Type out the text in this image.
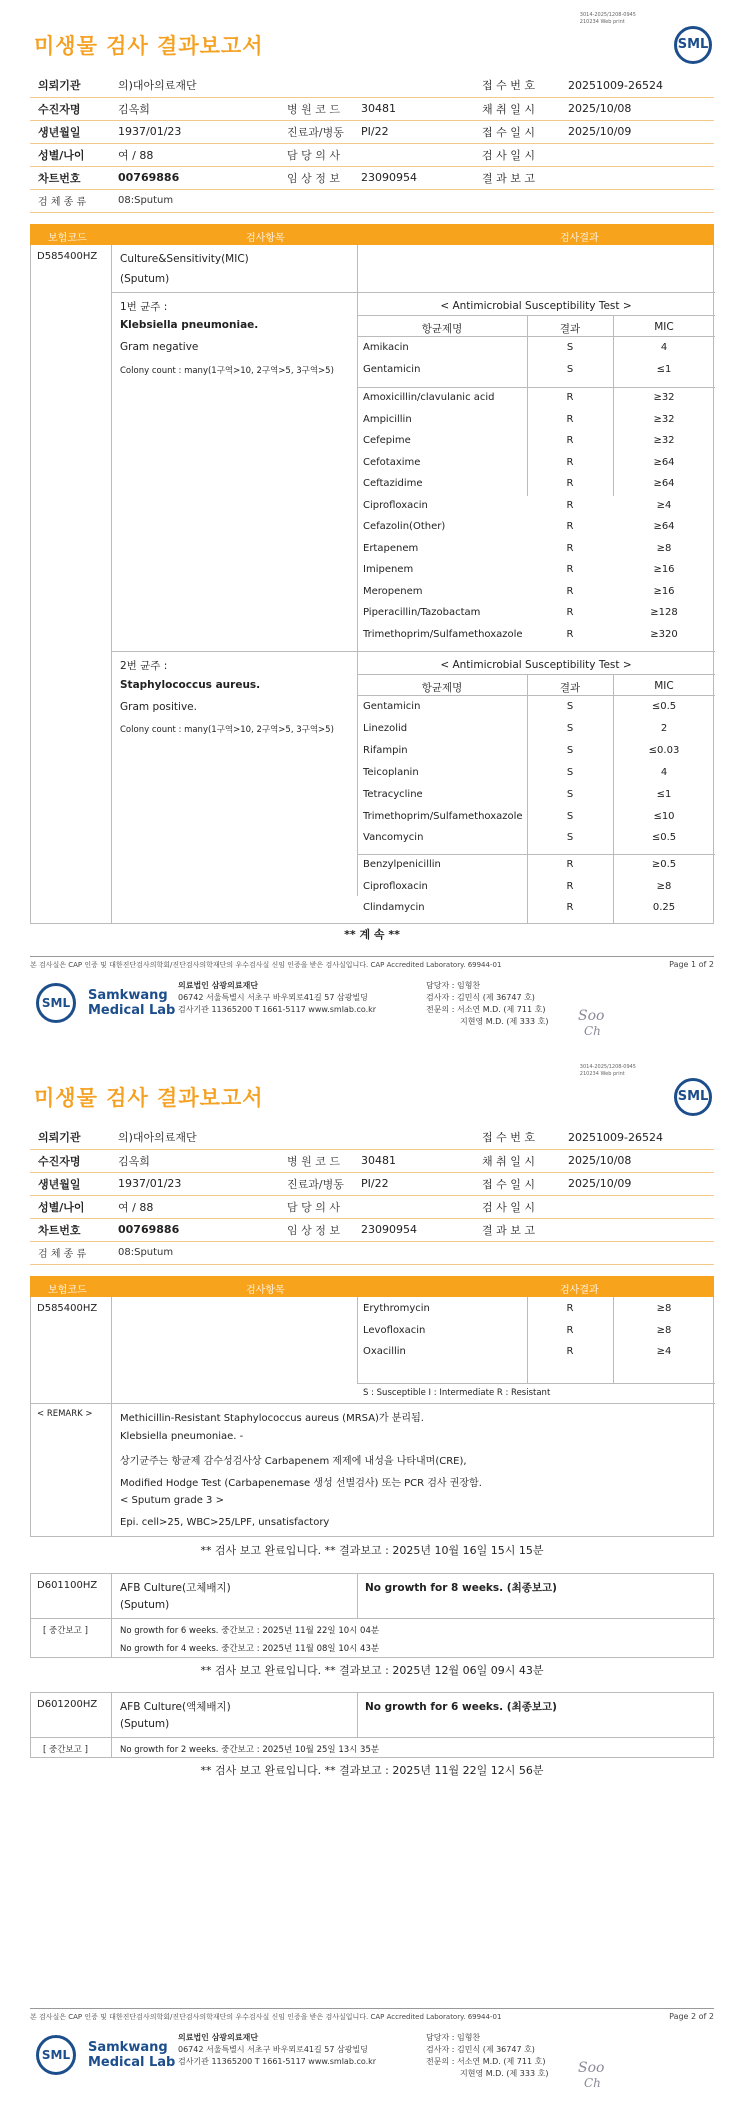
3014-2025/1208-0945
210234 Web print
미생물 검사 결과보고서	SML
의뢰기관	의)대아의료재단			접 수 번 호	20251009-26524
수진자명	김옥희	병 원 코 드	30481	채 취 일 시	2025/10/08
생년월일	1937/01/23	진료과/병동	PI/22	접 수 일 시	2025/10/09
성별/나이	여 / 88	담 당 의 사		검 사 일 시	
차트번호	00769886	임 상 정 보	23090954	결 과 보 고	
검 체 종 류	08:Sputum				
보험코드	검사항목	검사결과
D585400HZ Culture&Sensitivity(MIC)
(Sputum)
1번 균주 :
Klebsiella pneumoniae.
Gram negative
Colony count : many(1구역>10, 2구역>5, 3구역>5)
< Antimicrobial Susceptibility Test >
항균제명	결과	MIC
Amikacin	S	4
Gentamicin	S	≤1
Amoxicillin/clavulanic acid	R	≥32
Ampicillin	R	≥32
Cefepime	R	≥32
Cefotaxime	R	≥64
Ceftazidime	R	≥64
Ciprofloxacin	R	≥4
Cefazolin(Other)	R	≥64
Ertapenem	R	≥8
Imipenem	R	≥16
Meropenem	R	≥16
Piperacillin/Tazobactam	R	≥128
Trimethoprim/Sulfamethoxazole	R	≥320
2번 균주 :
Staphylococcus aureus.
Gram positive.
Colony count : many(1구역>10, 2구역>5, 3구역>5)
< Antimicrobial Susceptibility Test >
항균제명	결과	MIC
Gentamicin	S	≤0.5
Linezolid	S	2
Rifampin	S	≤0.03
Teicoplanin	S	4
Tetracycline	S	≤1
Trimethoprim/Sulfamethoxazole	S	≤10
Vancomycin	S	≤0.5
Benzylpenicillin	R	≥0.5
Ciprofloxacin	R	≥8
Clindamycin	R	0.25
** 계 속 **
본 검사실은 CAP 인증 및 대한진단검사의학회/진단검사의학재단의 우수검사실 신임 인증을 받은 검사실입니다. CAP Accredited Laboratory. 69944-01	Page 1 of 2
SML	Samkwang
Medical Lab
의료법인 삼광의료재단
06742 서울특별시 서초구 바우뫼로41길 57 삼광빌딩
검사기관 11365200 T 1661-5117 www.smlab.co.kr
담당자 : 임형찬
검사자 : 김민식 (제 36747 호)
전문의 : 서소연 M.D. (제 711 호)
지현영 M.D. (제 333 호) Soo
Ch
3014-2025/1208-0945
210234 Web print
미생물 검사 결과보고서	SML
의뢰기관	의)대아의료재단			접 수 번 호	20251009-26524
수진자명	김옥희	병 원 코 드	30481	채 취 일 시	2025/10/08
생년월일	1937/01/23	진료과/병동	PI/22	접 수 일 시	2025/10/09
성별/나이	여 / 88	담 당 의 사		검 사 일 시	
차트번호	00769886	임 상 정 보	23090954	결 과 보 고	
검 체 종 류	08:Sputum				
보험코드	검사항목	검사결과
D585400HZ	Erythromycin	R	≥8
Levofloxacin	R	≥8
Oxacillin	R	≥4
S : Susceptible I : Intermediate R : Resistant
< REMARK >	Methicillin-Resistant Staphylococcus aureus (MRSA)가 분리됨.
Klebsiella pneumoniae. -
상기균주는 항균제 감수성검사상 Carbapenem 제제에 내성을 나타내며(CRE),
Modified Hodge Test (Carbapenemase 생성 선별검사) 또는 PCR 검사 권장함.
< Sputum grade 3 >
Epi. cell>25, WBC>25/LPF, unsatisfactory
** 검사 보고 완료입니다. ** 결과보고 : 2025년 10월 16일 15시 15분
D601100HZ AFB Culture(고체배지)
(Sputum)
No growth for 8 weeks. (최종보고)
[ 중간보고 ]	No growth for 6 weeks. 중간보고 : 2025년 11월 22일 10시 04분
No growth for 4 weeks. 중간보고 : 2025년 11월 08일 10시 43분
** 검사 보고 완료입니다. ** 결과보고 : 2025년 12월 06일 09시 43분
D601200HZ AFB Culture(액체배지)
(Sputum)
No growth for 6 weeks. (최종보고)
[ 중간보고 ]	No growth for 2 weeks. 중간보고 : 2025년 10월 25일 13시 35분
** 검사 보고 완료입니다. ** 결과보고 : 2025년 11월 22일 12시 56분
본 검사실은 CAP 인증 및 대한진단검사의학회/진단검사의학재단의 우수검사실 신임 인증을 받은 검사실입니다. CAP Accredited Laboratory. 69944-01	Page 2 of 2
SML	Samkwang
Medical Lab
의료법인 삼광의료재단
06742 서울특별시 서초구 바우뫼로41길 57 삼광빌딩
검사기관 11365200 T 1661-5117 www.smlab.co.kr
담당자 : 임형찬
검사자 : 김민식 (제 36747 호)
전문의 : 서소연 M.D. (제 711 호)
지현영 M.D. (제 333 호) Soo
Ch
